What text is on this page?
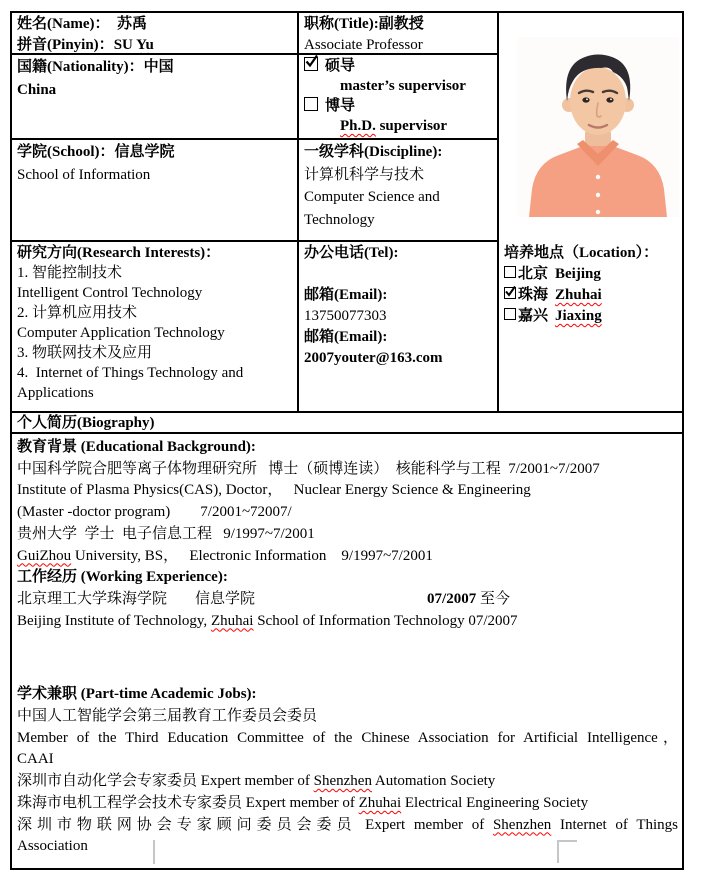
姓名(Name)：  苏禹
拼音(Pinyin)：SU Yu
职称(Title):副教授
Associate Professor
国籍(Nationality)：中国
China
硕导
master’s supervisor
博导
Ph.D. supervisor
学院(School)：信息学院
School of Information
一级学科(Discipline):
计算机科学与技术
Computer Science and
Technology
研究方向(Research Interests)：
1. 智能控制技术
Intelligent Control Technology
2. 计算机应用技术
Computer Application Technology
3. 物联网技术及应用
4.  Internet of Things Technology and
Applications
办公电话(Tel):

邮箱(Email):
13750077303
邮箱(Email):
2007youter@163.com
培养地点（Location）：
北京 Beijing
珠海 Zhuhai
嘉兴 Jiaxing
个人简历(Biography)
教育背景 (Educational Background):
中国科学院合肥等离子体物理研究所   博士（硕博连读）  核能科学与工程  7/2001~7/2007
Institute of Plasma Physics(CAS), Doctor，   Nuclear Energy Science & Engineering
(Master -doctor program)        7/2001~72007/
贵州大学  学士  电子信息工程   9/1997~7/2001
GuiZhou University, BS，   Electronic Information    9/1997~7/2001
工作经历 (Working Experience):
北京理工大学珠海学院 信息学院	07/2007 至今
Beijing Institute of Technology, Zhuhai School of Information Technology 07/2007
学术兼职 (Part-time Academic Jobs):
中国人工智能学会第三届教育工作委员会委员
Member of the Third Education Committee of the Chinese Association for Artificial Intelligence，
CAAI
深圳市自动化学会专家委员 Expert member of Shenzhen Automation Society
珠海市电机工程学会技术专家委员 Expert member of Zhuhai Electrical Engineering Society
深圳市物联网协会专家顾问委员会委员 Expert member of Shenzhen Internet of Things
Association
